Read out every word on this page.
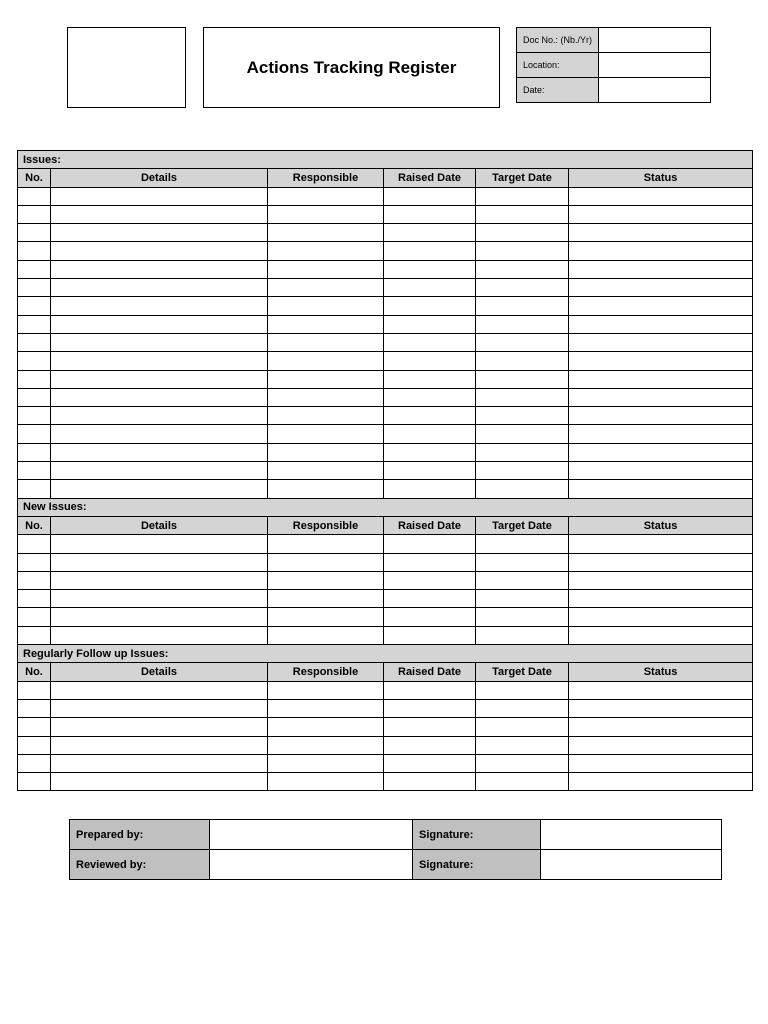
Actions Tracking Register
Doc No.: (Nb./Yr)	
Location:	
Date:	
Issues:					
No.	Details	Responsible	Raised Date	Target Date	Status

New Issues:					
No.	Details	Responsible	Raised Date	Target Date	Status

Regularly Follow up Issues:					
No.	Details	Responsible	Raised Date	Target Date	Status

Prepared by:		Signature:	
Reviewed by:		Signature:	
